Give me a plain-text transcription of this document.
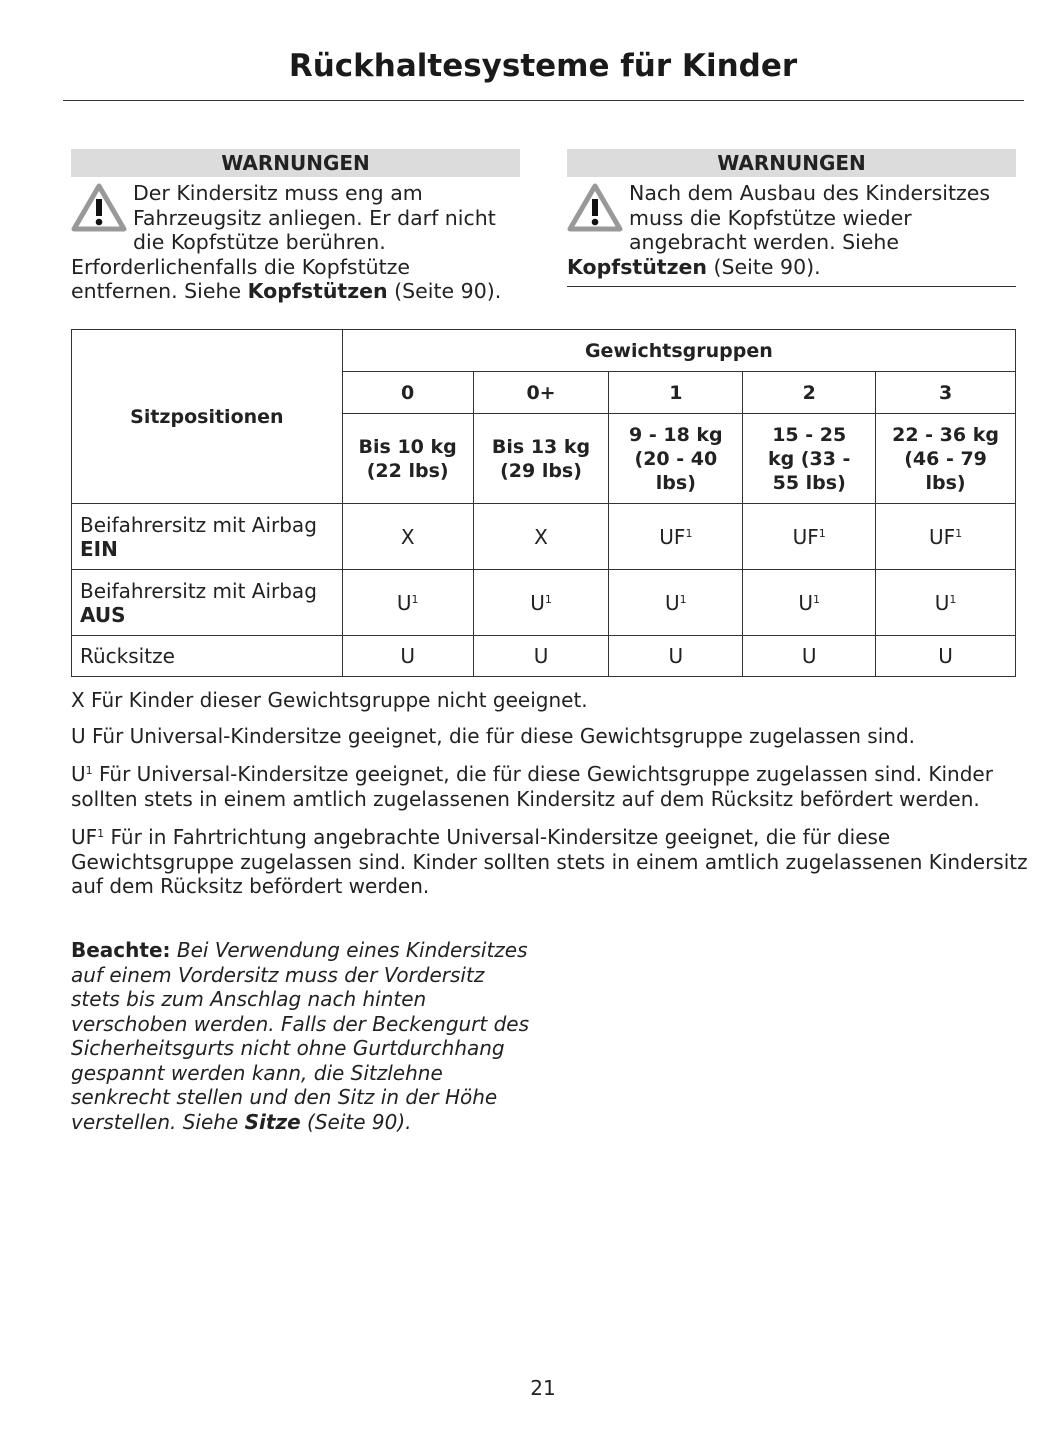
Rückhaltesysteme für Kinder
WARNUNGEN
Der Kindersitz muss eng am Fahrzeugsitz anliegen. Er darf nicht die Kopfstütze berühren. Erforderlichenfalls die Kopfstütze entfernen. Siehe Kopfstützen (Seite 90).
WARNUNGEN
Nach dem Ausbau des Kindersitzes muss die Kopfstütze wieder angebracht werden. Siehe Kopfstützen (Seite 90).
Sitzpositionen	Gewichtsgruppen				
	0	0+	1	2	3
	Bis 10 kg (22 lbs)	Bis 13 kg (29 lbs)	9 - 18 kg (20 - 40 lbs)	15 - 25 kg (33 - 55 lbs)	22 - 36 kg (46 - 79 lbs)
Beifahrersitz mit Airbag
EIN	X	X	$UF^1$	$UF^1$	$UF^1$
Beifahrersitz mit Airbag
AUS	$U^1$	$U^1$	$U^1$	$U^1$	$U^1$
Rücksitze	U	U	U	U	U

X Für Kinder dieser Gewichtsgruppe nicht geeignet.

U Für Universal-Kindersitze geeignet, die für diese Gewichtsgruppe zugelassen sind.

$U^1$ Für Universal-Kindersitze geeignet, die für diese Gewichtsgruppe zugelassen sind. Kinder sollten stets in einem amtlich zugelassenen Kindersitz auf dem Rücksitz befördert werden.

$UF^1$ Für in Fahrtrichtung angebrachte Universal-Kindersitze geeignet, die für diese Gewichtsgruppe zugelassen sind. Kinder sollten stets in einem amtlich zugelassenen Kindersitz auf dem Rücksitz befördert werden.

Beachte: Bei Verwendung eines Kindersitzes auf einem Vordersitz muss der Vordersitz stets bis zum Anschlag nach hinten verschoben werden. Falls der Beckengurt des Sicherheitsgurts nicht ohne Gurtdurchhang gespannt werden kann, die Sitzlehne senkrecht stellen und den Sitz in der Höhe verstellen. Siehe Sitze (Seite 90).
21
